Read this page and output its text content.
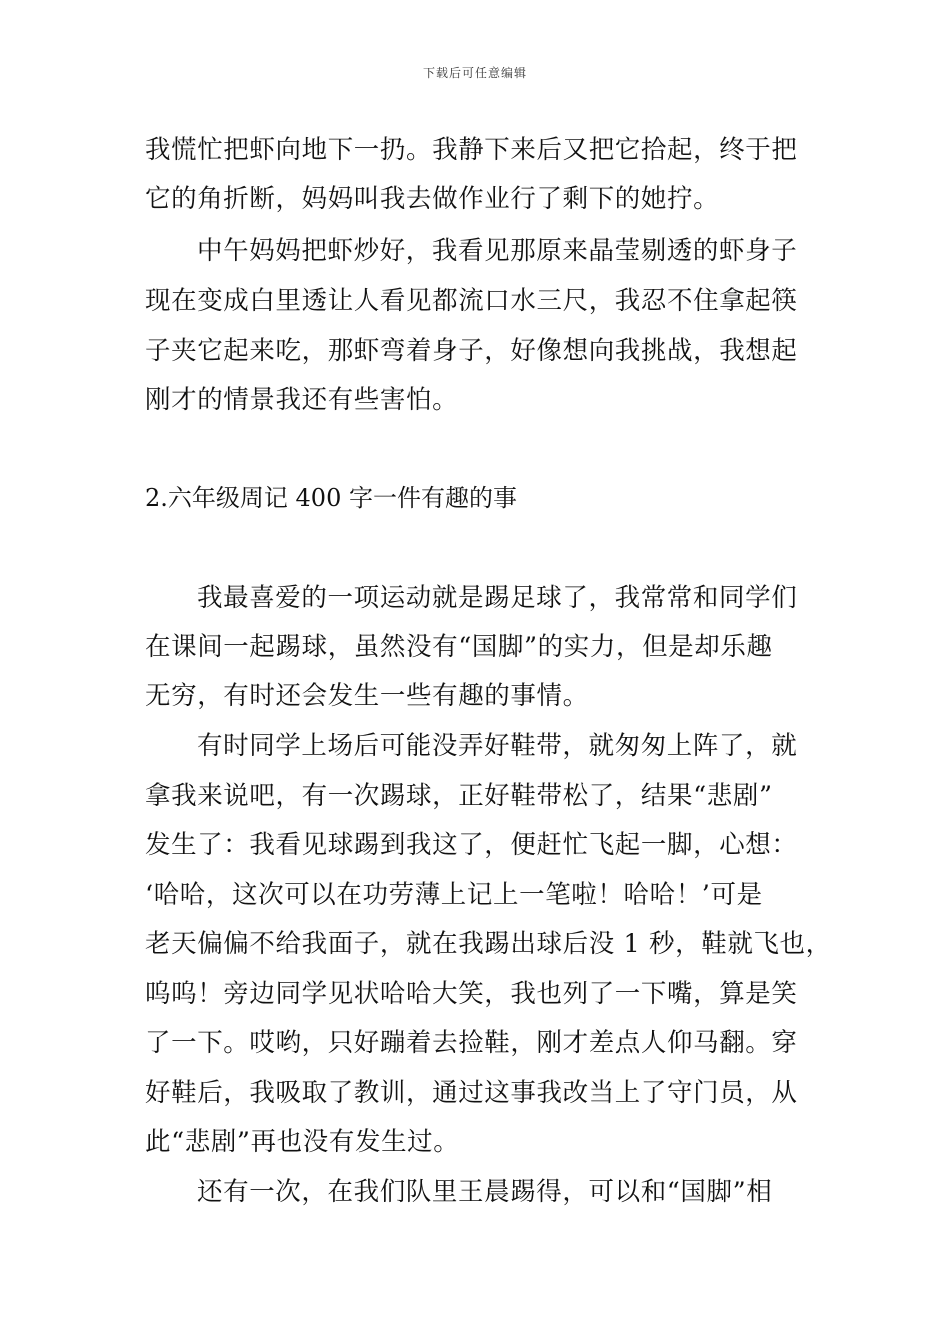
下载后可任意编辑
我慌忙把虾向地下一扔。我静下来后又把它拾起，终于把
它的角折断，妈妈叫我去做作业行了剩下的她拧。
中午妈妈把虾炒好，我看见那原来晶莹剔透的虾身子
现在变成白里透让人看见都流口水三尺，我忍不住拿起筷
子夹它起来吃，那虾弯着身子，好像想向我挑战，我想起
刚才的情景我还有些害怕。
2.六年级周记 400 字一件有趣的事
我最喜爱的一项运动就是踢足球了，我常常和同学们
在课间一起踢球，虽然没有“国脚”的实力，但是却乐趣
无穷，有时还会发生一些有趣的事情。
有时同学上场后可能没弄好鞋带，就匆匆上阵了，就
拿我来说吧，有一次踢球，正好鞋带松了，结果“悲剧”
发生了：我看见球踢到我这了，便赶忙飞起一脚，心想：
‘哈哈，这次可以在功劳薄上记上一笔啦！哈哈！’可是
老天偏偏不给我面子，就在我踢出球后没 1 秒，鞋就飞也，
呜呜！旁边同学见状哈哈大笑，我也列了一下嘴，算是笑
了一下。哎哟，只好蹦着去捡鞋，刚才差点人仰马翻。穿
好鞋后，我吸取了教训，通过这事我改当上了守门员，从
此“悲剧”再也没有发生过。
还有一次，在我们队里王晨踢得，可以和“国脚”相
